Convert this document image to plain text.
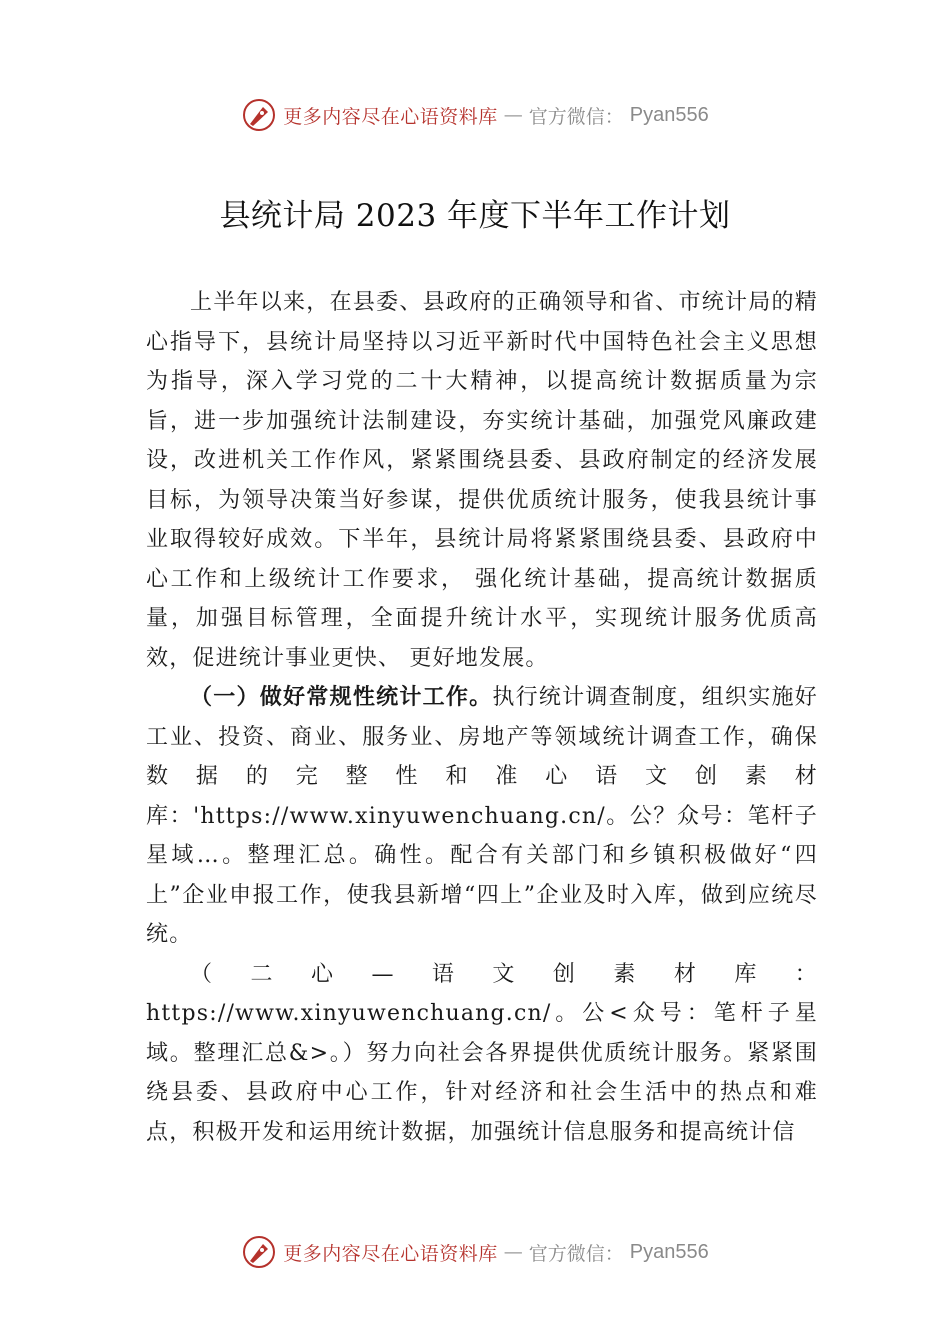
更多内容尽在心语资料库 — 官方微信： Pyan556
县统计局 2023 年度下半年工作计划

上半年以来，在县委、县政府的正确领导和省、市统计局的精心指导下，县统计局坚持以习近平新时代中国特色社会主义思想为指导，深入学习党的二十大精神，以提高统计数据质量为宗旨，进一步加强统计法制建设，夯实统计基础，加强党风廉政建设，改进机关工作作风，紧紧围绕县委、县政府制定的经济发展目标，为领导决策当好参谋，提供优质统计服务，使我县统计事业取得较好成效。下半年，县统计局将紧紧围绕县委、县政府中心工作和上级统计工作要求， 强化统计基础，提高统计数据质量，加强目标管理，全面提升统计水平，实现统计服务优质高效，促进统计事业更快、 更好地发展。

（一）做好常规性统计工作。执行统计调查制度，组织实施好工业、投资、商业、服务业、房地产等领域统计调查工作，确保数据的完整性和准心语文创素材库：'https://www.xinyuwenchuang.cn/。公？众号：笔杆子星域…。整理汇总。确性。配合有关部门和乡镇积极做好“四上”企业申报工作，使我县新增“四上”企业及时入库，做到应统尽统。

（二心—语文创素材库：https://www.xinyuwenchuang.cn/。公<众号：笔杆子星域。整理汇总&>。）努力向社会各界提供优质统计服务。紧紧围绕县委、县政府中心工作，针对经济和社会生活中的热点和难点，积极开发和运用统计数据，加强统计信息服务和提高统计信

更多内容尽在心语资料库 — 官方微信： Pyan556
